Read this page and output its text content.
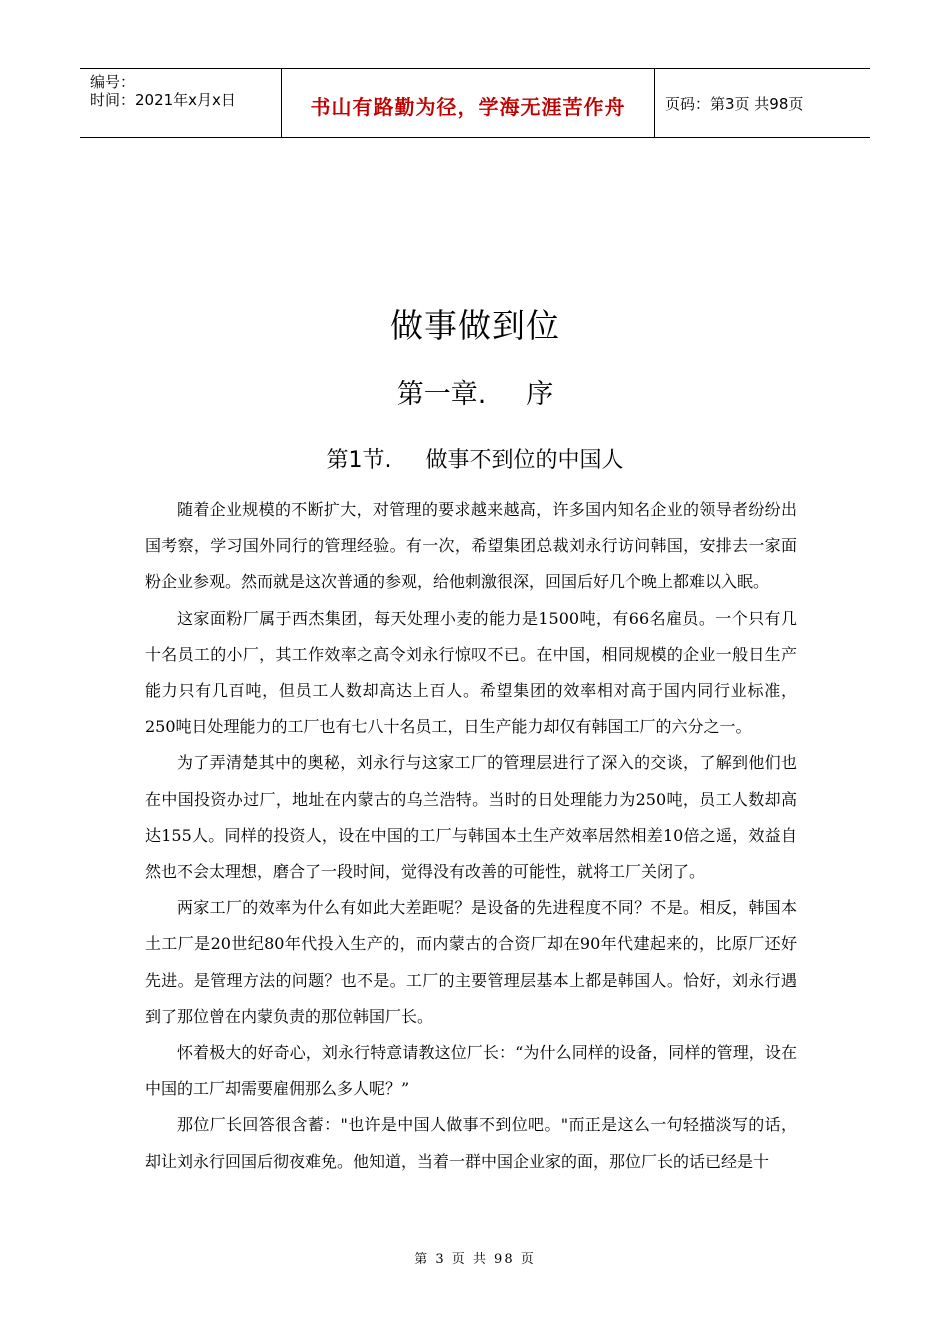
编号：
时间：2021年x月x日	书山有路勤为径，学海无涯苦作舟	页码：第3页 共98页
做事做到位
第一章. 序
第1节. 做事不到位的中国人

随着企业规模的不断扩大，对管理的要求越来越高，许多国内知名企业的领导者纷纷出国考察，学习国外同行的管理经验。有一次，希望集团总裁刘永行访问韩国，安排去一家面粉企业参观。然而就是这次普通的参观，给他刺激很深，回国后好几个晚上都难以入眠。

这家面粉厂属于西杰集团，每天处理小麦的能力是1500吨，有66名雇员。一个只有几十名员工的小厂，其工作效率之高令刘永行惊叹不已。在中国，相同规模的企业一般日生产能力只有几百吨，但员工人数却高达上百人。希望集团的效率相对高于国内同行业标准，250吨日处理能力的工厂也有七八十名员工，日生产能力却仅有韩国工厂的六分之一。

为了弄清楚其中的奥秘，刘永行与这家工厂的管理层进行了深入的交谈，了解到他们也在中国投资办过厂，地址在内蒙古的乌兰浩特。当时的日处理能力为250吨，员工人数却高达155人。同样的投资人，设在中国的工厂与韩国本土生产效率居然相差10倍之遥，效益自然也不会太理想，磨合了一段时间，觉得没有改善的可能性，就将工厂关闭了。

两家工厂的效率为什么有如此大差距呢？是设备的先进程度不同？不是。相反，韩国本土工厂是20世纪80年代投入生产的，而内蒙古的合资厂却在90年代建起来的，比原厂还好先进。是管理方法的问题？也不是。工厂的主要管理层基本上都是韩国人。恰好，刘永行遇到了那位曾在内蒙负责的那位韩国厂长。

怀着极大的好奇心，刘永行特意请教这位厂长：“为什么同样的设备，同样的管理，设在中国的工厂却需要雇佣那么多人呢？”

那位厂长回答很含蓄："也许是中国人做事不到位吧。"而正是这么一句轻描淡写的话，却让刘永行回国后彻夜难免。他知道，当着一群中国企业家的面，那位厂长的话已经是十

第 3 页 共 98 页
